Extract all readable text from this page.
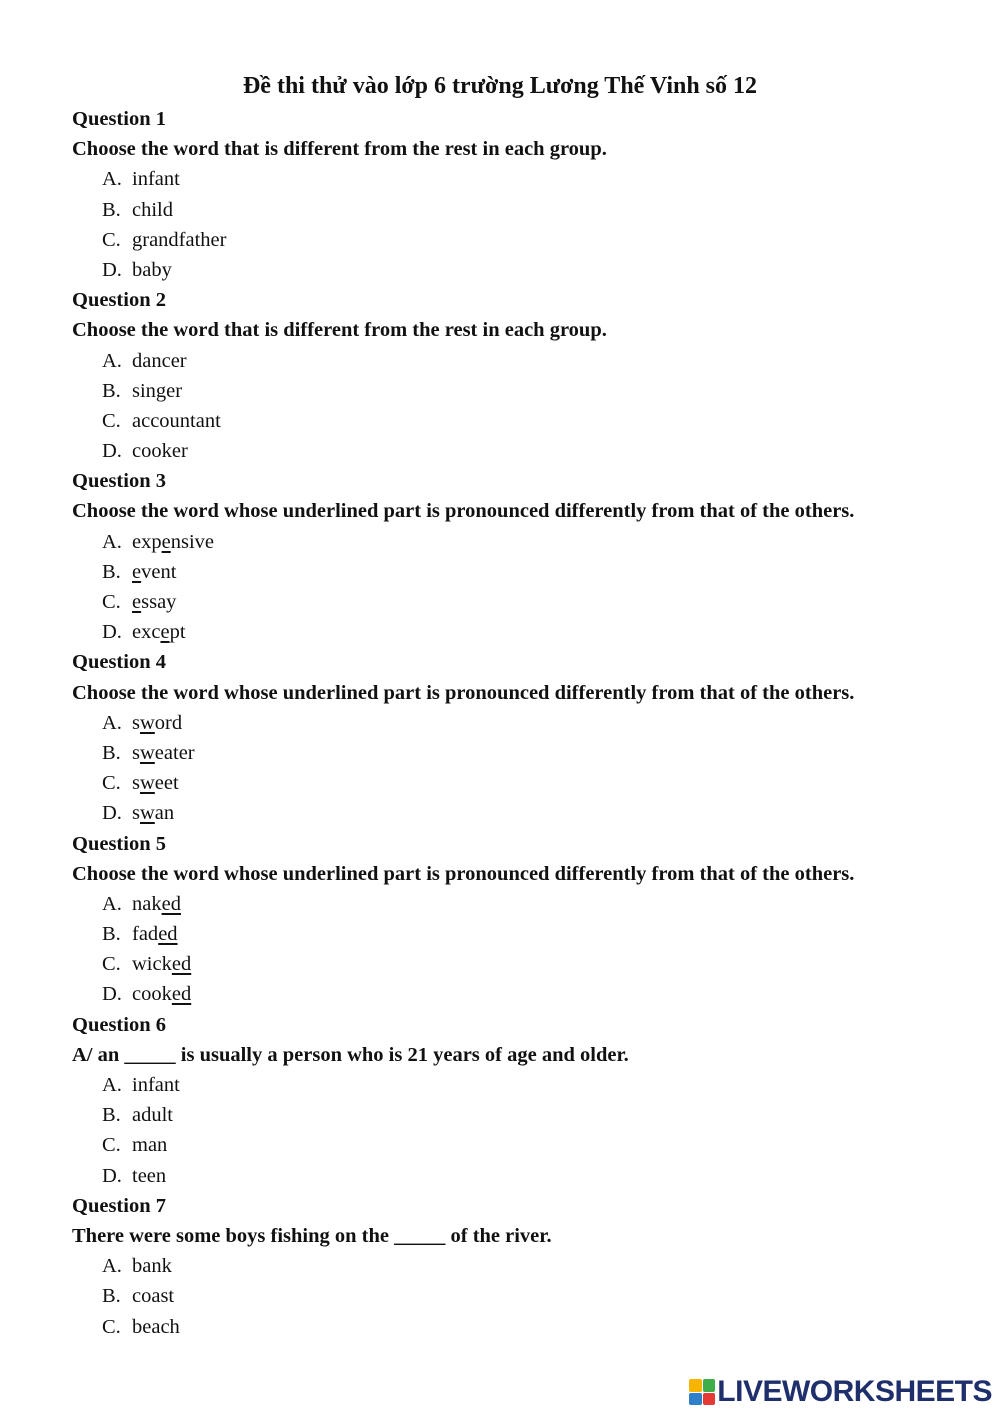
Đề thi thử vào lớp 6 trường Lương Thế Vinh số 12
Question 1
Choose the word that is different from the rest in each group.
A. infant
B. child
C. grandfather
D. baby
Question 2
Choose the word that is different from the rest in each group.
A. dancer
B. singer
C. accountant
D. cooker
Question 3
Choose the word whose underlined part is pronounced differently from that of the others.
A. expensive
B. event
C. essay
D. except
Question 4
Choose the word whose underlined part is pronounced differently from that of the others.
A. sword
B. sweater
C. sweet
D. swan
Question 5
Choose the word whose underlined part is pronounced differently from that of the others.
A. naked
B. faded
C. wicked
D. cooked
Question 6
A/ an _____ is usually a person who is 21 years of age and older.
A. infant
B. adult
C. man
D. teen
Question 7
There were some boys fishing on the _____ of the river.
A. bank
B. coast
C. beach
LIVEWORKSHEETS
